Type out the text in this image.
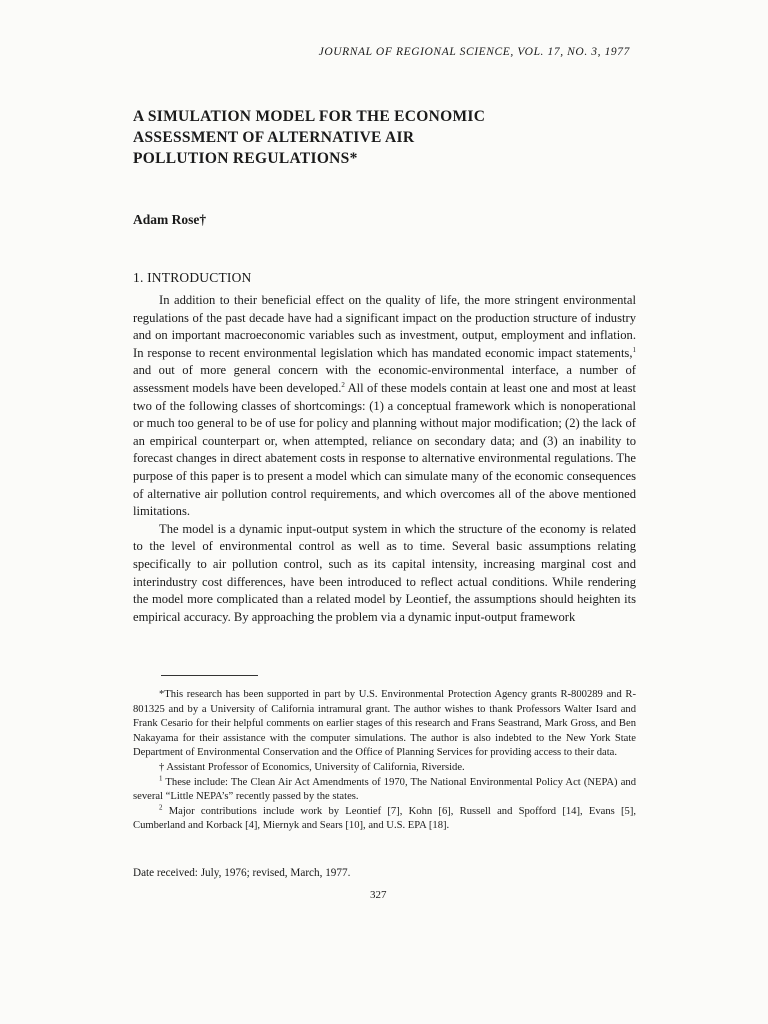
JOURNAL OF REGIONAL SCIENCE, VOL. 17, NO. 3, 1977
A SIMULATION MODEL FOR THE ECONOMIC
ASSESSMENT OF ALTERNATIVE AIR
POLLUTION REGULATIONS*
Adam Rose†
1. INTRODUCTION

In addition to their beneficial effect on the quality of life, the more stringent environmental regulations of the past decade have had a significant impact on the production structure of industry and on important macroeconomic variables such as investment, output, employment and inflation. In response to recent environmental legislation which has mandated economic impact statements,$^1$ and out of more general concern with the economic-environmental interface, a number of assessment models have been developed.$^2$ All of these models contain at least one and most at least two of the following classes of shortcomings: (1) a conceptual framework which is nonoperational or much too general to be of use for policy and planning without major modification; (2) the lack of an empirical counterpart or, when attempted, reliance on secondary data; and (3) an inability to forecast changes in direct abatement costs in response to alternative environmental regulations. The purpose of this paper is to present a model which can simulate many of the economic consequences of alternative air pollution control requirements, and which overcomes all of the above mentioned limitations.

The model is a dynamic input-output system in which the structure of the economy is related to the level of environmental control as well as to time. Several basic assumptions relating specifically to air pollution control, such as its capital intensity, increasing marginal cost and interindustry cost differences, have been introduced to reflect actual conditions. While rendering the model more complicated than a related model by Leontief, the assumptions should heighten its empirical accuracy. By approaching the problem via a dynamic input-output framework

*This research has been supported in part by U.S. Environmental Protection Agency grants R-800289 and R-801325 and by a University of California intramural grant. The author wishes to thank Professors Walter Isard and Frank Cesario for their helpful comments on earlier stages of this research and Frans Seastrand, Mark Gross, and Ben Nakayama for their assistance with the computer simulations. The author is also indebted to the New York State Department of Environmental Conservation and the Office of Planning Services for providing access to their data.

† Assistant Professor of Economics, University of California, Riverside.

$^1$ These include: The Clean Air Act Amendments of 1970, The National Environmental Policy Act (NEPA) and several “Little NEPA’s” recently passed by the states.

$^2$ Major contributions include work by Leontief [7], Kohn [6], Russell and Spofford [14], Evans [5], Cumberland and Korback [4], Miernyk and Sears [10], and U.S. EPA [18].

Date received: July, 1976; revised, March, 1977.
327
